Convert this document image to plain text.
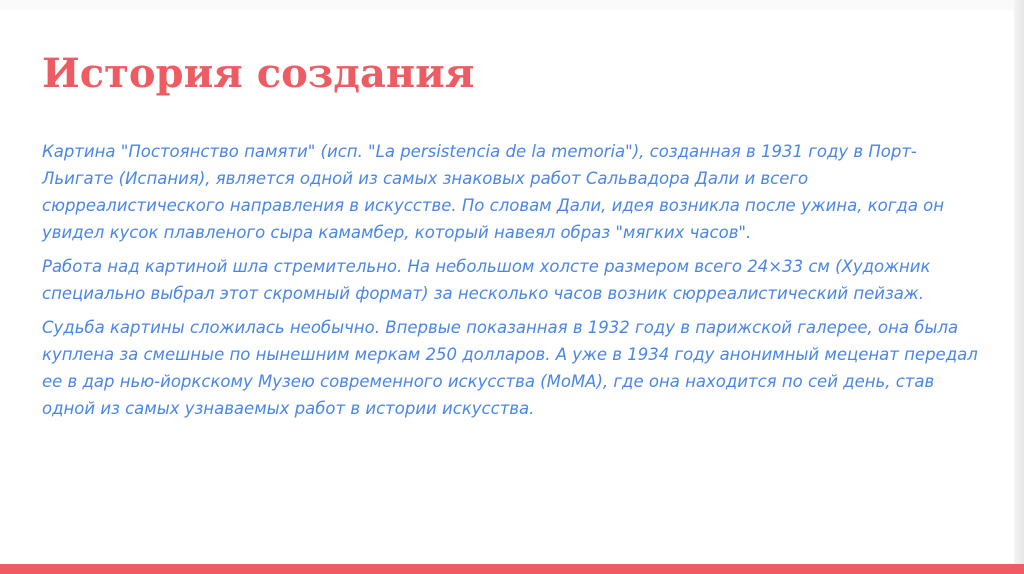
История создания

Картина "Постоянство памяти" (исп. "La persistencia de la memoria"), созданная в 1931 году в Порт-Льигате (Испания), является одной из самых знаковых работ Сальвадора Дали и всего сюрреалистического направления в искусстве. По словам Дали, идея возникла после ужина, когда он увидел кусок плавленого сыра камамбер, который навеял образ "мягких часов".

Работа над картиной шла стремительно. На небольшом холсте размером всего 24×33 см (Художник специально выбрал этот скромный формат) за несколько часов возник сюрреалистический пейзаж.

Судьба картины сложилась необычно. Впервые показанная в 1932 году в парижской галерее, она была куплена за смешные по нынешним меркам 250 долларов. А уже в 1934 году анонимный меценат передал ее в дар нью-йоркскому Музею современного искусства (MoMA), где она находится по сей день, став одной из самых узнаваемых работ в истории искусства.
